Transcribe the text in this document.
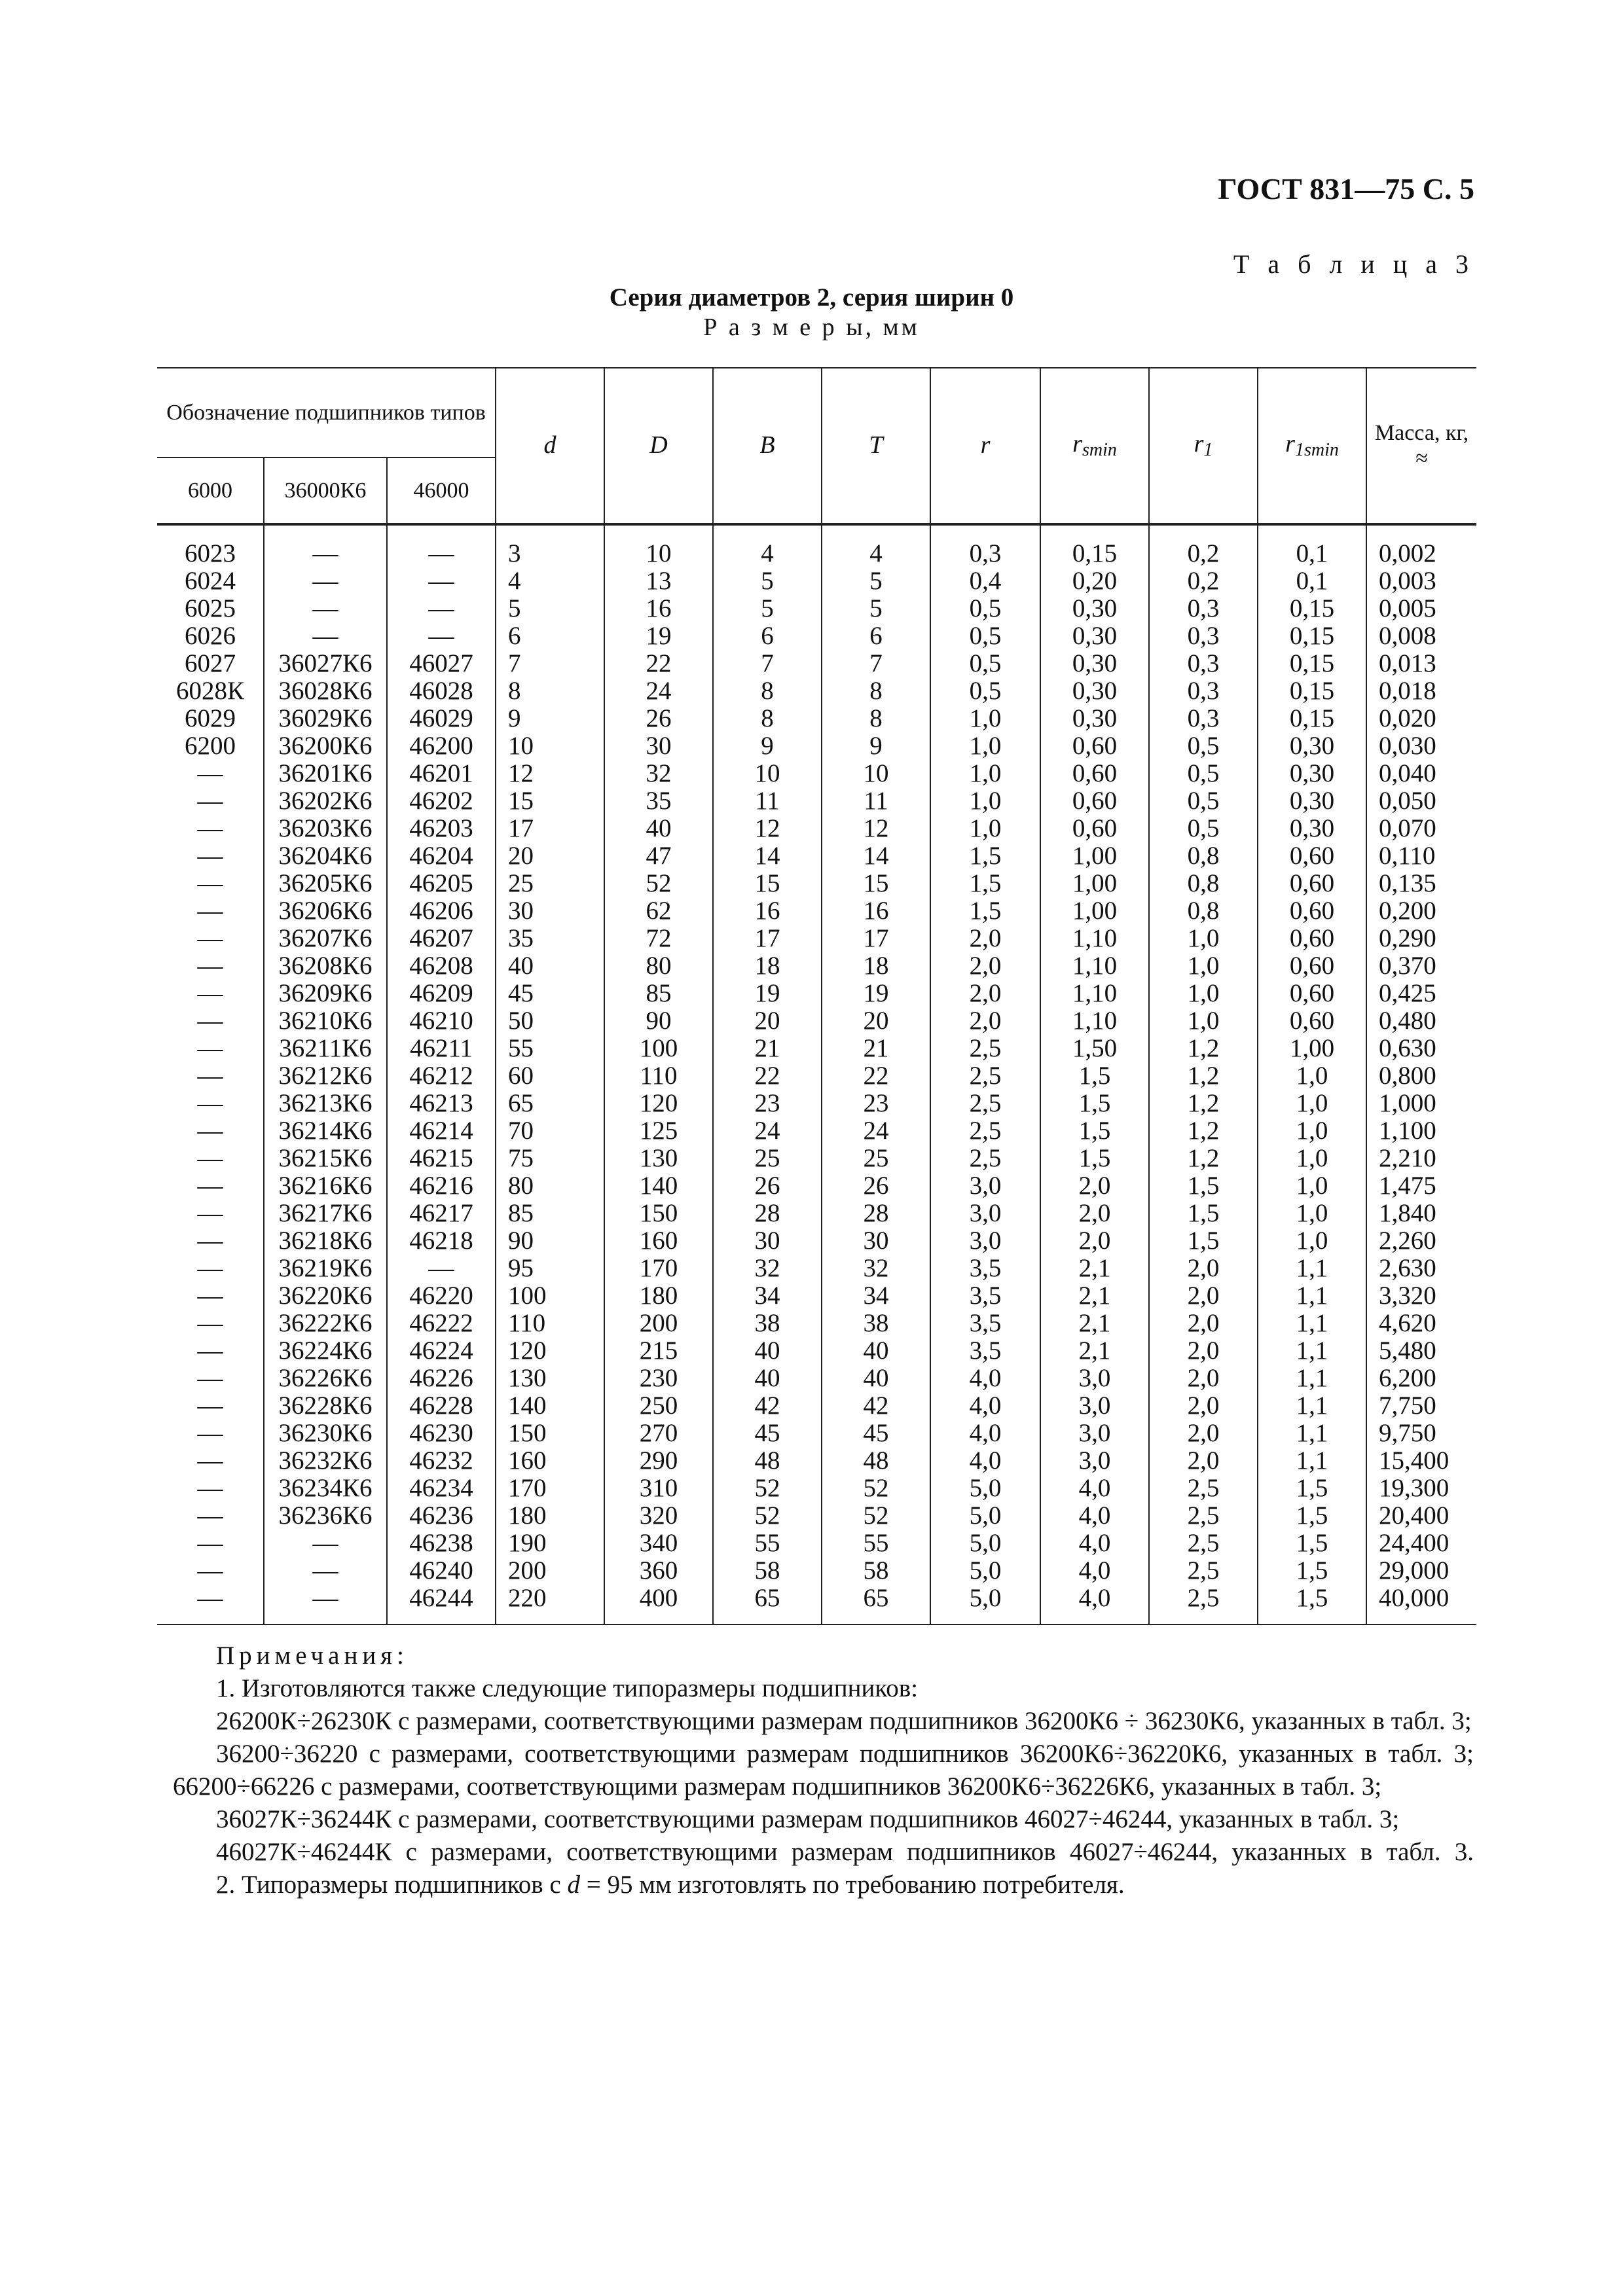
ГОСТ 831—75 С. 5
Т а б л и ц а 3
Серия диаметров 2, серия ширин 0
Р а з м е р ы, мм
Обозначение подшипников типов			d	D	B	T	r	$r_{smin}$	$r_1$	$r_{1smin}$	Масса, кг, ≈
6000	36000К6	46000									
6023	—	—	3	10	4	4	0,3	0,15	0,2	0,1	0,002
6024	—	—	4	13	5	5	0,4	0,20	0,2	0,1	0,003
6025	—	—	5	16	5	5	0,5	0,30	0,3	0,15	0,005
6026	—	—	6	19	6	6	0,5	0,30	0,3	0,15	0,008
6027	36027К6	46027	7	22	7	7	0,5	0,30	0,3	0,15	0,013
6028К	36028К6	46028	8	24	8	8	0,5	0,30	0,3	0,15	0,018
6029	36029К6	46029	9	26	8	8	1,0	0,30	0,3	0,15	0,020
6200	36200К6	46200	10	30	9	9	1,0	0,60	0,5	0,30	0,030
—	36201К6	46201	12	32	10	10	1,0	0,60	0,5	0,30	0,040
—	36202К6	46202	15	35	11	11	1,0	0,60	0,5	0,30	0,050
—	36203К6	46203	17	40	12	12	1,0	0,60	0,5	0,30	0,070
—	36204К6	46204	20	47	14	14	1,5	1,00	0,8	0,60	0,110
—	36205К6	46205	25	52	15	15	1,5	1,00	0,8	0,60	0,135
—	36206К6	46206	30	62	16	16	1,5	1,00	0,8	0,60	0,200
—	36207К6	46207	35	72	17	17	2,0	1,10	1,0	0,60	0,290
—	36208К6	46208	40	80	18	18	2,0	1,10	1,0	0,60	0,370
—	36209К6	46209	45	85	19	19	2,0	1,10	1,0	0,60	0,425
—	36210К6	46210	50	90	20	20	2,0	1,10	1,0	0,60	0,480
—	36211К6	46211	55	100	21	21	2,5	1,50	1,2	1,00	0,630
—	36212К6	46212	60	110	22	22	2,5	1,5	1,2	1,0	0,800
—	36213К6	46213	65	120	23	23	2,5	1,5	1,2	1,0	1,000
—	36214К6	46214	70	125	24	24	2,5	1,5	1,2	1,0	1,100
—	36215К6	46215	75	130	25	25	2,5	1,5	1,2	1,0	2,210
—	36216К6	46216	80	140	26	26	3,0	2,0	1,5	1,0	1,475
—	36217К6	46217	85	150	28	28	3,0	2,0	1,5	1,0	1,840
—	36218К6	46218	90	160	30	30	3,0	2,0	1,5	1,0	2,260
—	36219К6	—	95	170	32	32	3,5	2,1	2,0	1,1	2,630
—	36220К6	46220	100	180	34	34	3,5	2,1	2,0	1,1	3,320
—	36222К6	46222	110	200	38	38	3,5	2,1	2,0	1,1	4,620
—	36224К6	46224	120	215	40	40	3,5	2,1	2,0	1,1	5,480
—	36226К6	46226	130	230	40	40	4,0	3,0	2,0	1,1	6,200
—	36228К6	46228	140	250	42	42	4,0	3,0	2,0	1,1	7,750
—	36230К6	46230	150	270	45	45	4,0	3,0	2,0	1,1	9,750
—	36232К6	46232	160	290	48	48	4,0	3,0	2,0	1,1	15,400
—	36234К6	46234	170	310	52	52	5,0	4,0	2,5	1,5	19,300
—	36236К6	46236	180	320	52	52	5,0	4,0	2,5	1,5	20,400
—	—	46238	190	340	55	55	5,0	4,0	2,5	1,5	24,400
—	—	46240	200	360	58	58	5,0	4,0	2,5	1,5	29,000
—	—	46244	220	400	65	65	5,0	4,0	2,5	1,5	40,000

Примечания:

1. Изготовляются также следующие типоразмеры подшипников:

26200К÷26230К с размерами, соответствующими размерам подшипников 36200К6 ÷ 36230К6, указанных в табл. 3;

36200÷36220 с размерами, соответствующими размерам подшипников 36200К6÷36220К6, указанных в табл. 3; 66200÷66226 с размерами, соответствующими размерам подшипников 36200К6÷36226К6, указанных в табл. 3;

36027К÷36244К с размерами, соответствующими размерам подшипников 46027÷46244, указанных в табл. 3;

46027К÷46244К с размерами, соответствующими размерам подшипников 46027÷46244, указанных в табл. 3.

2. Типоразмеры подшипников с d = 95 мм изготовлять по требованию потребителя.
